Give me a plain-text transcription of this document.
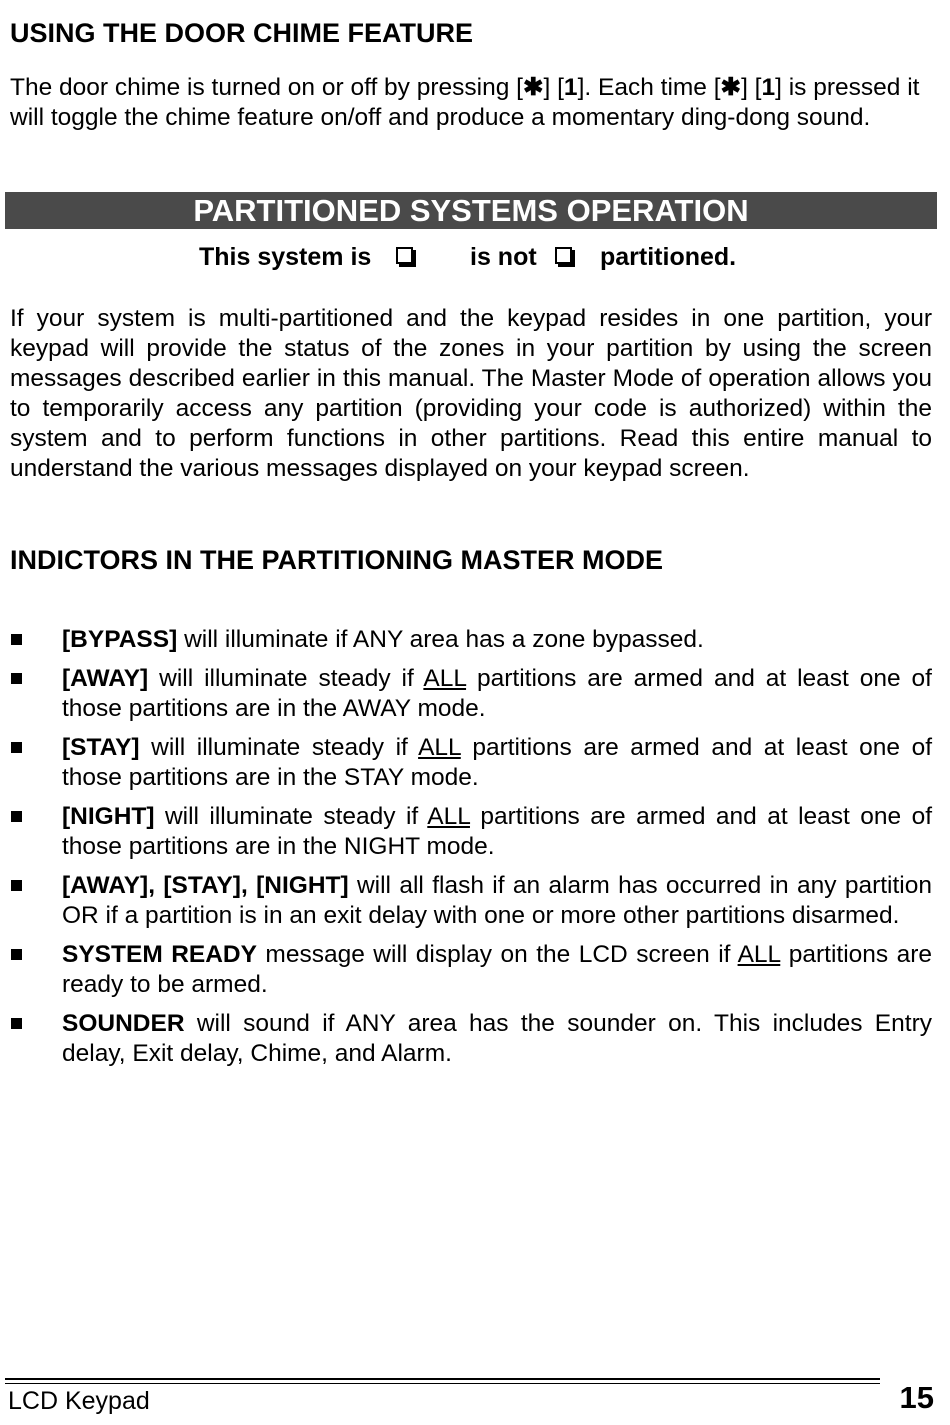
USING THE DOOR CHIME FEATURE
The door chime is turned on or off by pressing [✱] [1]. Each time [✱] [1] is pressed it will toggle the chime feature on/off and produce a momentary ding-dong sound.
PARTITIONED SYSTEMS OPERATION
This system is	is not	partitioned.
If your system is multi-partitioned and the keypad resides in one partition, your keypad will provide the status of the zones in your partition by using the screen messages described earlier in this manual. The Master Mode of operation allows you to temporarily access any partition (providing your code is authorized) within the system and to perform functions in other partitions. Read this entire manual to understand the various messages displayed on your keypad screen.
INDICTORS IN THE PARTITIONING MASTER MODE
[BYPASS] will illuminate if ANY area has a zone bypassed.
[AWAY] will illuminate steady if ALL partitions are armed and at least one of those partitions are in the AWAY mode.
[STAY] will illuminate steady if ALL partitions are armed and at least one of those partitions are in the STAY mode.
[NIGHT] will illuminate steady if ALL partitions are armed and at least one of those partitions are in the NIGHT mode.
[AWAY], [STAY], [NIGHT] will all flash if an alarm has occurred in any partition OR if a partition is in an exit delay with one or more other partitions disarmed.
SYSTEM READY message will display on the LCD screen if ALL partitions are ready to be armed.
SOUNDER will sound if ANY area has the sounder on. This includes Entry delay, Exit delay, Chime, and Alarm.
LCD Keypad	15
